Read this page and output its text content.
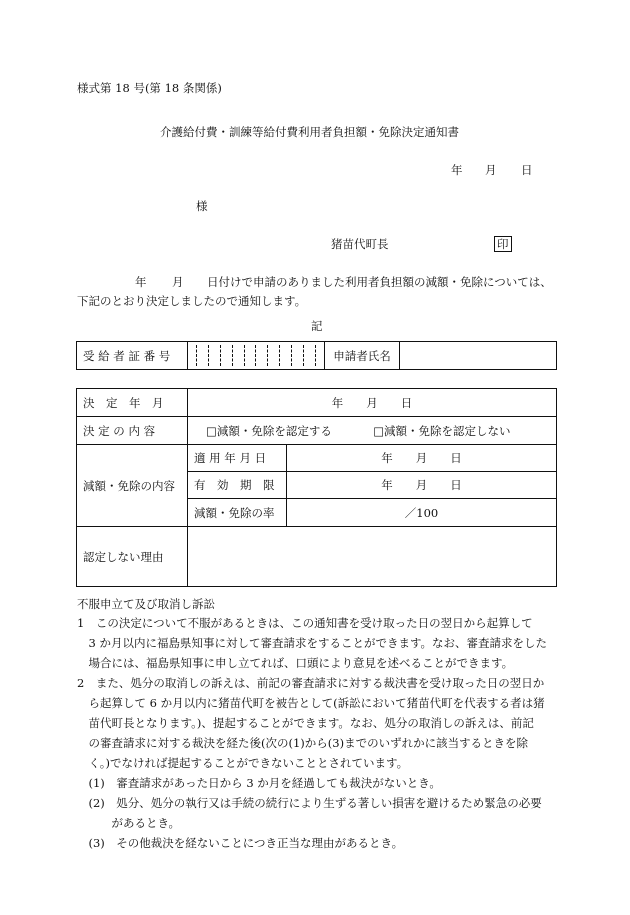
様式第 18 号(第 18 条関係)
介護給付費・訓練等給付費利用者負担額・免除決定通知書
年 月 日
様
猪苗代町長	印
年 月 日付けで申請のありました利用者負担額の減額・免除については、
下記のとおり決定しましたので通知します。
記
受 給 者 証 番 号		申請者氏名	
決　定　年　月	年　　月　　日	
決 定 の 内 容	□減額・免除を認定する □減額・免除を認定しない	
減額・免除の内容	適 用 年 月 日	年　　月　　日
	有　効　期　限	年　　月　　日
	減額・免除の率	／100
認定しない理由		
不服申立て及び取消し訴訟
1　この決定について不服があるときは、この通知書を受け取った日の翌日から起算して
　3 か月以内に福島県知事に対して審査請求をすることができます。なお、審査請求をした
　場合には、福島県知事に申し立てれば、口頭により意見を述べることができます。
2　また、処分の取消しの訴えは、前記の審査請求に対する裁決書を受け取った日の翌日か
　ら起算して 6 か月以内に猪苗代町を被告として(訴訟において猪苗代町を代表する者は猪
　苗代町長となります。)、提起することができます。なお、処分の取消しの訴えは、前記
　の審査請求に対する裁決を経た後(次の(1)から(3)までのいずれかに該当するときを除
　く。)でなければ提起することができないこととされています。
　(1)　審査請求があった日から 3 か月を経過しても裁決がないとき。
　(2)　処分、処分の執行又は手続の続行により生ずる著しい損害を避けるため緊急の必要
　　　があるとき。
　(3)　その他裁決を経ないことにつき正当な理由があるとき。
